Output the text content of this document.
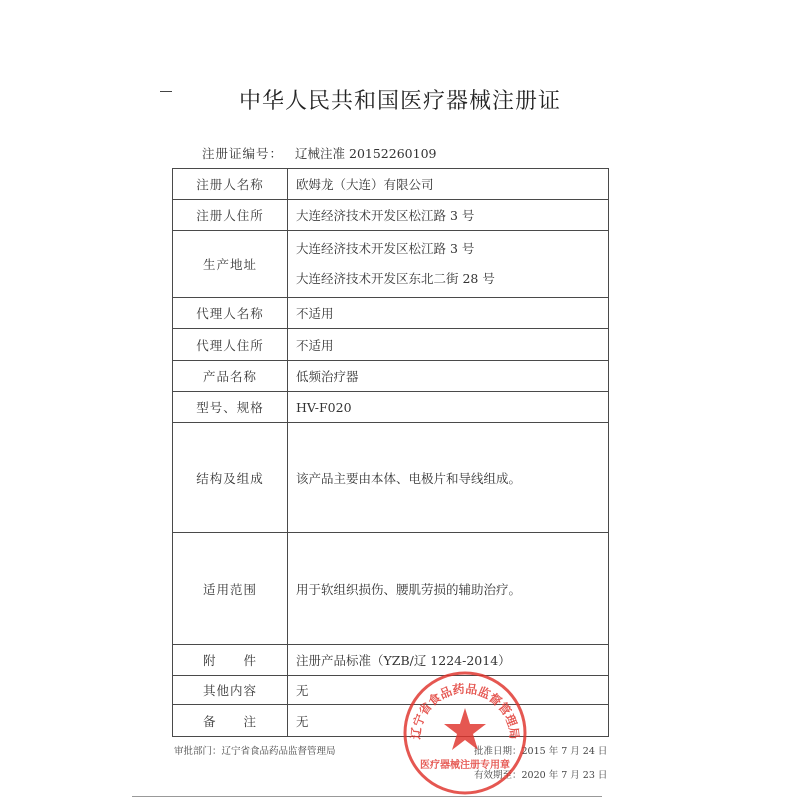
中华人民共和国医疗器械注册证
注册证编号： 辽械注准 20152260109
注册人名称	欧姆龙（大连）有限公司
注册人住所	大连经济技术开发区松江路 3 号
生产地址	大连经济技术开发区松江路 3 号
大连经济技术开发区东北二街 28 号

代理人名称	不适用
代理人住所	不适用
产品名称	低频治疗器
型号、规格	HV-F020
结构及组成	该产品主要由本体、电极片和导线组成。
适用范围	用于软组织损伤、腰肌劳损的辅助治疗。
附　　件	注册产品标准（YZB/辽 1224-2014）
其他内容	无
备　　注	无
审批部门：辽宁省食品药品监督管理局	批准日期：2015 年 7 月 24 日
有效期至：2020 年 7 月 23 日
辽宁省食品药品监督管理局
医疗器械注册专用章
